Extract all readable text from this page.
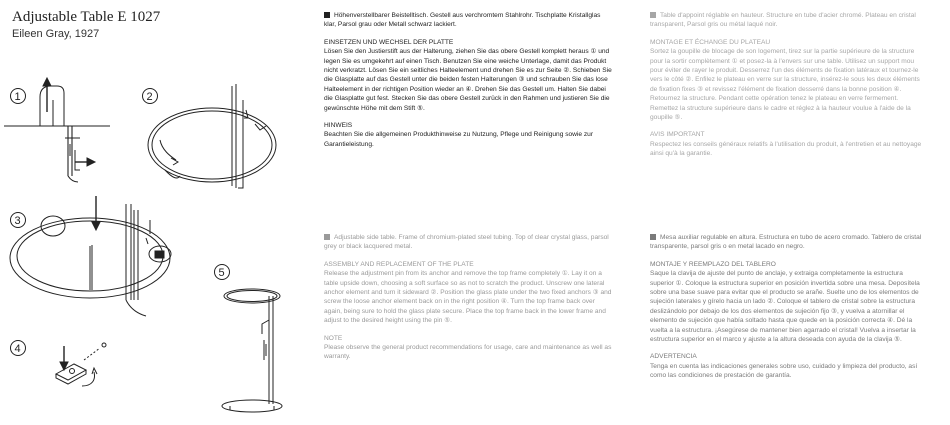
Adjustable Table E 1027
Eileen Gray, 1927
1	2
3
4
5

Höhenverstellbarer Beistelltisch. Gestell aus verchromtem Stahlrohr. Tischplatte Kristallglas klar, Parsol grau oder Metall schwarz lackiert.

EINSETZEN UND WECHSEL DER PLATTE

Lösen Sie den Justierstift aus der Halterung, ziehen Sie das obere Gestell komplett heraus ① und legen Sie es umgekehrt auf einen Tisch. Benutzen Sie eine weiche Unterlage, damit das Produkt nicht verkratzt. Lösen Sie ein seitliches Halteelement und drehen Sie es zur Seite ②. Schieben Sie die Glasplatte auf das Gestell unter die beiden festen Halterungen ③ und schrauben Sie das lose Halteelement in der richtigen Position wieder an ④. Drehen Sie das Gestell um. Halten Sie dabei die Glasplatte gut fest. Stecken Sie das obere Gestell zurück in den Rahmen und justieren Sie die gewünschte Höhe mit dem Stift ⑤.

HINWEIS

Beachten Sie die allgemeinen Produkthinweise zu Nutzung, Pflege und Reinigung sowie zur Garantieleistung.

Adjustable side table. Frame of chromium-plated steel tubing. Top of clear crystal glass, parsol grey or black lacquered metal.

ASSEMBLY AND REPLACEMENT OF THE PLATE

Release the adjustment pin from its anchor and remove the top frame completely ①. Lay it on a table upside down, choosing a soft surface so as not to scratch the product. Unscrew one lateral anchor element and turn it sideward ②. Position the glass plate under the two fixed anchors ③ and screw the loose anchor element back on in the right position ④. Turn the top frame back over again, being sure to hold the glass plate secure. Place the top frame back in the lower frame and adjust to the desired height using the pin ⑤.

NOTE

Please observe the general product recommendations for usage, care and maintenance as well as warranty.

Table d'appoint réglable en hauteur. Structure en tube d'acier chromé. Plateau en cristal transparent, Parsol gris ou métal laqué noir.

MONTAGE ET ÉCHANGE DU PLATEAU

Sortez la goupille de blocage de son logement, tirez sur la partie supérieure de la structure pour la sortir complètement ① et posez-la à l'envers sur une table. Utilisez un support mou pour éviter de rayer le produit. Desserrez l'un des éléments de fixation latéraux et tournez-le vers le côté ②. Enfilez le plateau en verre sur la structure, insérez-le sous les deux éléments de fixation fixes ③ et revissez l'élément de fixation desserré dans la bonne position ④. Retournez la structure. Pendant cette opération tenez le plateau en verre fermement. Remettez la structure supérieure dans le cadre et réglez à la hauteur voulue à l'aide de la goupille ⑤.

AVIS IMPORTANT

Respectez les conseils généraux relatifs à l'utilisation du produit, à l'entretien et au nettoyage ainsi qu'à la garantie.

Mesa auxiliar regulable en altura. Estructura en tubo de acero cromado. Tablero de cristal transparente, parsol gris o en metal lacado en negro.

MONTAJE Y REEMPLAZO DEL TABLERO

Saque la clavija de ajuste del punto de anclaje, y extraiga completamente la estructura superior ①. Coloque la estructura superior en posición invertida sobre una mesa. Deposítela sobre una base suave para evitar que el producto se arañe. Suelte uno de los elementos de sujeción laterales y gírelo hacia un lado ②. Coloque el tablero de cristal sobre la estructura deslizándolo por debajo de los dos elementos de sujeción fijo ③, y vuelva a atornillar el elemento de sujeción que había soltado hasta que quede en la posición correcta ④. Dé la vuelta a la estructura. ¡Asegúrese de mantener bien agarrado el cristal! Vuelva a insertar la estructura superior en el marco y ajuste a la altura deseada con ayuda de la clavija ⑤.

ADVERTENCIA

Tenga en cuenta las indicaciones generales sobre uso, cuidado y limpieza del producto, así como las condiciones de prestación de garantía.
